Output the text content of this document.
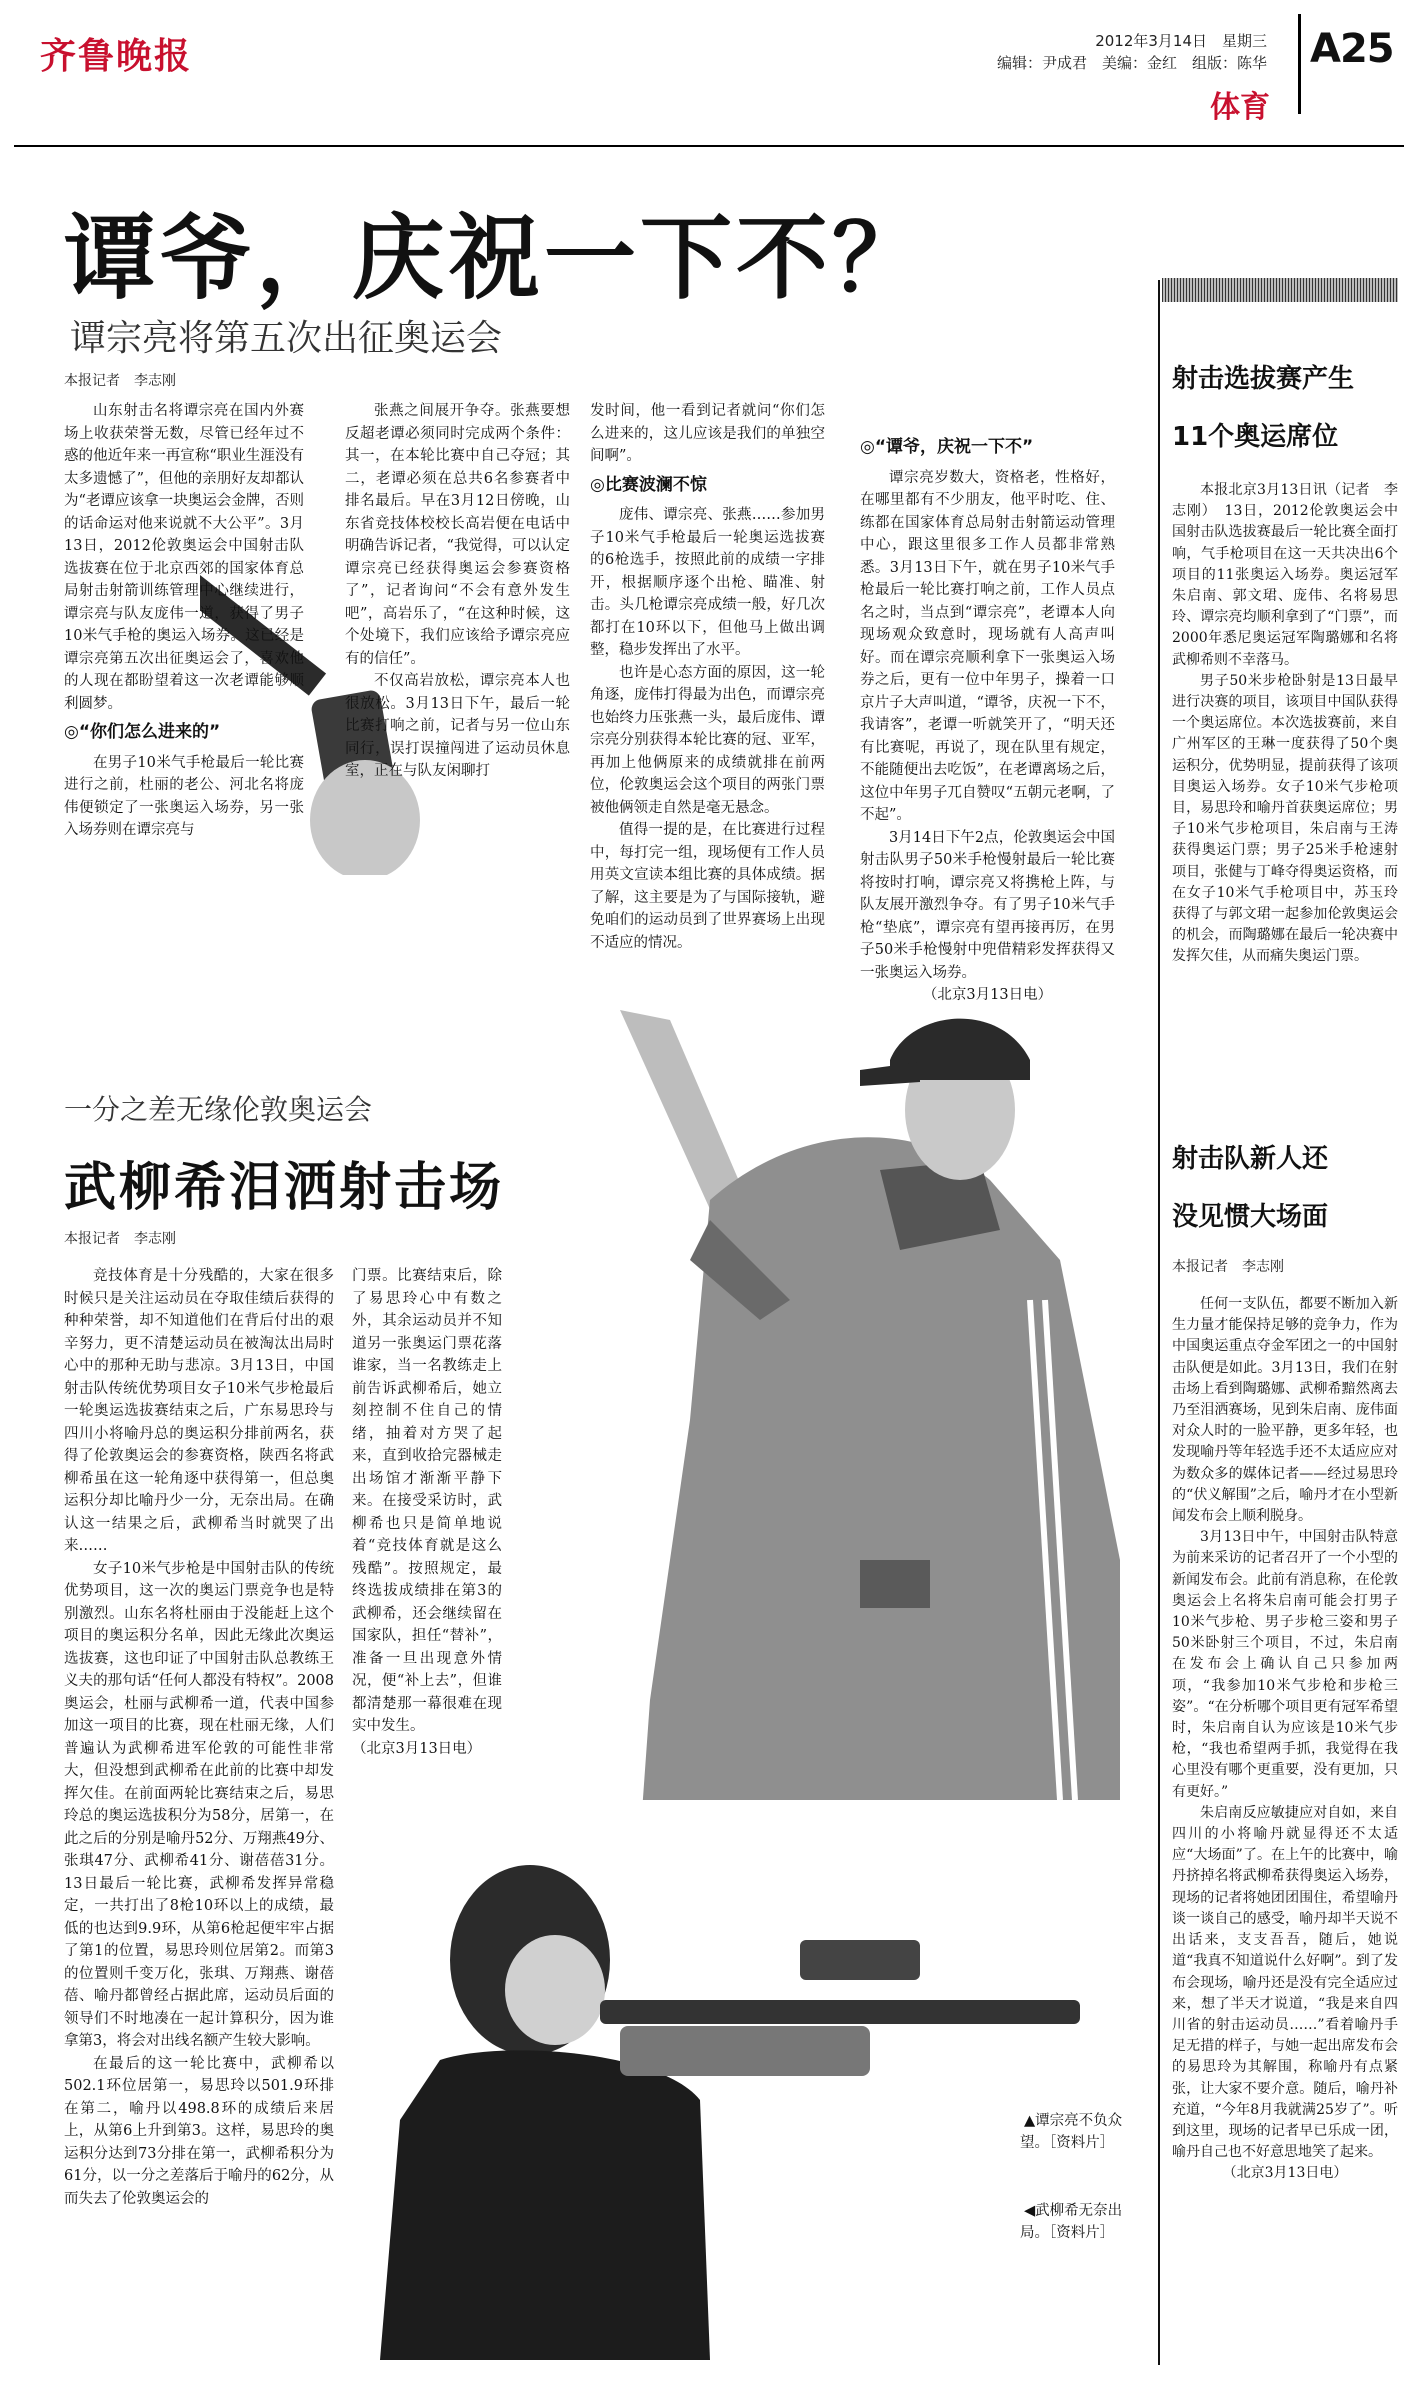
齐鲁晚报	2012年3月14日　星期三
编辑：尹成君　美编：金红　组版：陈华 A25
体育
谭爷，庆祝一下不？
谭宗亮将第五次出征奥运会
本报记者　李志刚

山东射击名将谭宗亮在国内外赛场上收获荣誉无数，尽管已经年过不惑的他近年来一再宣称“职业生涯没有太多遗憾了”，但他的亲朋好友却都认为“老谭应该拿一块奥运会金牌，否则的话命运对他来说就不大公平”。3月13日，2012伦敦奥运会中国射击队选拔赛在位于北京西郊的国家体育总局射击射箭训练管理中心继续进行，谭宗亮与队友庞伟一道，获得了男子10米气手枪的奥运入场券。这已经是谭宗亮第五次出征奥运会了，喜欢他的人现在都盼望着这一次老谭能够顺利圆梦。

◎“你们怎么进来的”

在男子10米气手枪最后一轮比赛进行之前，杜丽的老公、河北名将庞伟便锁定了一张奥运入场券，另一张入场券则在谭宗亮与

张燕之间展开争夺。张燕要想反超老谭必须同时完成两个条件：其一，在本轮比赛中自己夺冠；其二，老谭必须在总共6名参赛者中排名最后。早在3月12日傍晚，山东省竞技体校校长高岩便在电话中明确告诉记者，“我觉得，可以认定谭宗亮已经获得奥运会参赛资格了”，记者询问“不会有意外发生吧”，高岩乐了，“在这种时候，这个处境下，我们应该给予谭宗亮应有的信任”。

不仅高岩放松，谭宗亮本人也很放松。3月13日下午，最后一轮比赛打响之前，记者与另一位山东同行，误打误撞闯进了运动员休息室，正在与队友闲聊打

发时间，他一看到记者就问“你们怎么进来的，这儿应该是我们的单独空间啊”。

◎比赛波澜不惊

庞伟、谭宗亮、张燕……参加男子10米气手枪最后一轮奥运选拔赛的6枪选手，按照此前的成绩一字排开，根据顺序逐个出枪、瞄准、射击。头几枪谭宗亮成绩一般，好几次都打在10环以下，但他马上做出调整，稳步发挥出了水平。

也许是心态方面的原因，这一轮角逐，庞伟打得最为出色，而谭宗亮也始终力压张燕一头，最后庞伟、谭宗亮分别获得本轮比赛的冠、亚军，再加上他俩原来的成绩就排在前两位，伦敦奥运会这个项目的两张门票被他俩领走自然是毫无悬念。

值得一提的是，在比赛进行过程中，每打完一组，现场便有工作人员用英文宣读本组比赛的具体成绩。据了解，这主要是为了与国际接轨，避免咱们的运动员到了世界赛场上出现不适应的情况。

◎“谭爷，庆祝一下不”

谭宗亮岁数大，资格老，性格好，在哪里都有不少朋友，他平时吃、住、练都在国家体育总局射击射箭运动管理中心，跟这里很多工作人员都非常熟悉。3月13日下午，就在男子10米气手枪最后一轮比赛打响之前，工作人员点名之时，当点到“谭宗亮”，老谭本人向现场观众致意时，现场就有人高声叫好。而在谭宗亮顺利拿下一张奥运入场券之后，更有一位中年男子，操着一口京片子大声叫道，“谭爷，庆祝一下不，我请客”，老谭一听就笑开了，“明天还有比赛呢，再说了，现在队里有规定，不能随便出去吃饭”，在老谭离场之后，这位中年男子兀自赞叹“五朝元老啊，了不起”。

3月14日下午2点，伦敦奥运会中国射击队男子50米手枪慢射最后一轮比赛将按时打响，谭宗亮又将携枪上阵，与队友展开激烈争夺。有了男子10米气手枪“垫底”，谭宗亮有望再接再厉，在男子50米手枪慢射中兜借精彩发挥获得又一张奥运入场券。

（北京3月13日电）
一分之差无缘伦敦奥运会
武柳希泪洒射击场
本报记者　李志刚

竞技体育是十分残酷的，大家在很多时候只是关注运动员在夺取佳绩后获得的种种荣誉，却不知道他们在背后付出的艰辛努力，更不清楚运动员在被淘汰出局时心中的那种无助与悲凉。3月13日，中国射击队传统优势项目女子10米气步枪最后一轮奥运选拔赛结束之后，广东易思玲与四川小将喻丹总的奥运积分排前两名，获得了伦敦奥运会的参赛资格，陕西名将武柳希虽在这一轮角逐中获得第一，但总奥运积分却比喻丹少一分，无奈出局。在确认这一结果之后，武柳希当时就哭了出来……

女子10米气步枪是中国射击队的传统优势项目，这一次的奥运门票竞争也是特别激烈。山东名将杜丽由于没能赶上这个项目的奥运积分名单，因此无缘此次奥运选拔赛，这也印证了中国射击队总教练王义夫的那句话“任何人都没有特权”。2008奥运会，杜丽与武柳希一道，代表中国参加这一项目的比赛，现在杜丽无缘，人们普遍认为武柳希进军伦敦的可能性非常大，但没想到武柳希在此前的比赛中却发挥欠佳。在前面两轮比赛结束之后，易思玲总的奥运选拔积分为58分，居第一，在此之后的分别是喻丹52分、万翔燕49分、张琪47分、武柳希41分、谢蓓蓓31分。13日最后一轮比赛，武柳希发挥异常稳定，一共打出了8枪10环以上的成绩，最低的也达到9.9环，从第6枪起便牢牢占据了第1的位置，易思玲则位居第2。而第3的位置则千变万化，张琪、万翔燕、谢蓓蓓、喻丹都曾经占据此席，运动员后面的领导们不时地凑在一起计算积分，因为谁拿第3，将会对出线名额产生较大影响。

在最后的这一轮比赛中，武柳希以502.1环位居第一，易思玲以501.9环排在第二，喻丹以498.8环的成绩后来居上，从第6上升到第3。这样，易思玲的奥运积分达到73分排在第一，武柳希积分为61分，以一分之差落后于喻丹的62分，从而失去了伦敦奥运会的

门票。比赛结束后，除了易思玲心中有数之外，其余运动员并不知道另一张奥运门票花落谁家，当一名教练走上前告诉武柳希后，她立刻控制不住自己的情绪，抽着对方哭了起来，直到收拾完器械走出场馆才渐渐平静下来。在接受采访时，武柳希也只是简单地说着“竞技体育就是这么残酷”。按照规定，最终选拔成绩排在第3的武柳希，还会继续留在国家队，担任“替补”，准备一旦出现意外情况，便“补上去”，但谁都清楚那一幕很难在现实中发生。

（北京3月13日电）
▲谭宗亮不负众望。［资料片］
◀武柳希无奈出局。［资料片］
射击选拔赛产生
11个奥运席位

本报北京3月13日讯（记者　李志刚）　13日，2012伦敦奥运会中国射击队选拔赛最后一轮比赛全面打响，气手枪项目在这一天共决出6个项目的11张奥运入场券。奥运冠军朱启南、郭文珺、庞伟、名将易思玲、谭宗亮均顺利拿到了“门票”，而2000年悉尼奥运冠军陶璐娜和名将武柳希则不幸落马。

男子50米步枪卧射是13日最早进行决赛的项目，该项目中国队获得一个奥运席位。本次选拔赛前，来自广州军区的王琳一度获得了50个奥运积分，优势明显，提前获得了该项目奥运入场券。女子10米气步枪项目，易思玲和喻丹首获奥运席位；男子10米气步枪项目，朱启南与王涛获得奥运门票；男子25米手枪速射项目，张健与丁峰夺得奥运资格，而在女子10米气手枪项目中，苏玉玲获得了与郭文珺一起参加伦敦奥运会的机会，而陶璐娜在最后一轮决赛中发挥欠佳，从而痛失奥运门票。

射击队新人还
没见惯大场面
本报记者　李志刚

任何一支队伍，都要不断加入新生力量才能保持足够的竞争力，作为中国奥运重点夺金军团之一的中国射击队便是如此。3月13日，我们在射击场上看到陶璐娜、武柳希黯然离去乃至泪洒赛场，见到朱启南、庞伟面对众人时的一脸平静，更多年轻，也发现喻丹等年轻选手还不太适应应对为数众多的媒体记者——经过易思玲的“伏义解围”之后，喻丹才在小型新闻发布会上顺利脱身。

3月13日中午，中国射击队特意为前来采访的记者召开了一个小型的新闻发布会。此前有消息称，在伦敦奥运会上名将朱启南可能会打男子10米气步枪、男子步枪三姿和男子50米卧射三个项目，不过，朱启南在发布会上确认自己只参加两项，“我参加10米气步枪和步枪三姿”。“在分析哪个项目更有冠军希望时，朱启南自认为应该是10米气步枪，“我也希望两手抓，我觉得在我心里没有哪个更重要，没有更加，只有更好。”

朱启南反应敏捷应对自如，来自四川的小将喻丹就显得还不太适应“大场面”了。在上午的比赛中，喻丹挤掉名将武柳希获得奥运入场券，现场的记者将她团团围住，希望喻丹谈一谈自己的感受，喻丹却半天说不出话来，支支吾吾，随后，她说道“我真不知道说什么好啊”。到了发布会现场，喻丹还是没有完全适应过来，想了半天才说道，“我是来自四川省的射击运动员……”看着喻丹手足无措的样子，与她一起出席发布会的易思玲为其解围，称喻丹有点紧张，让大家不要介意。随后，喻丹补充道，“今年8月我就满25岁了”。听到这里，现场的记者早已乐成一团，喻丹自己也不好意思地笑了起来。

（北京3月13日电）
